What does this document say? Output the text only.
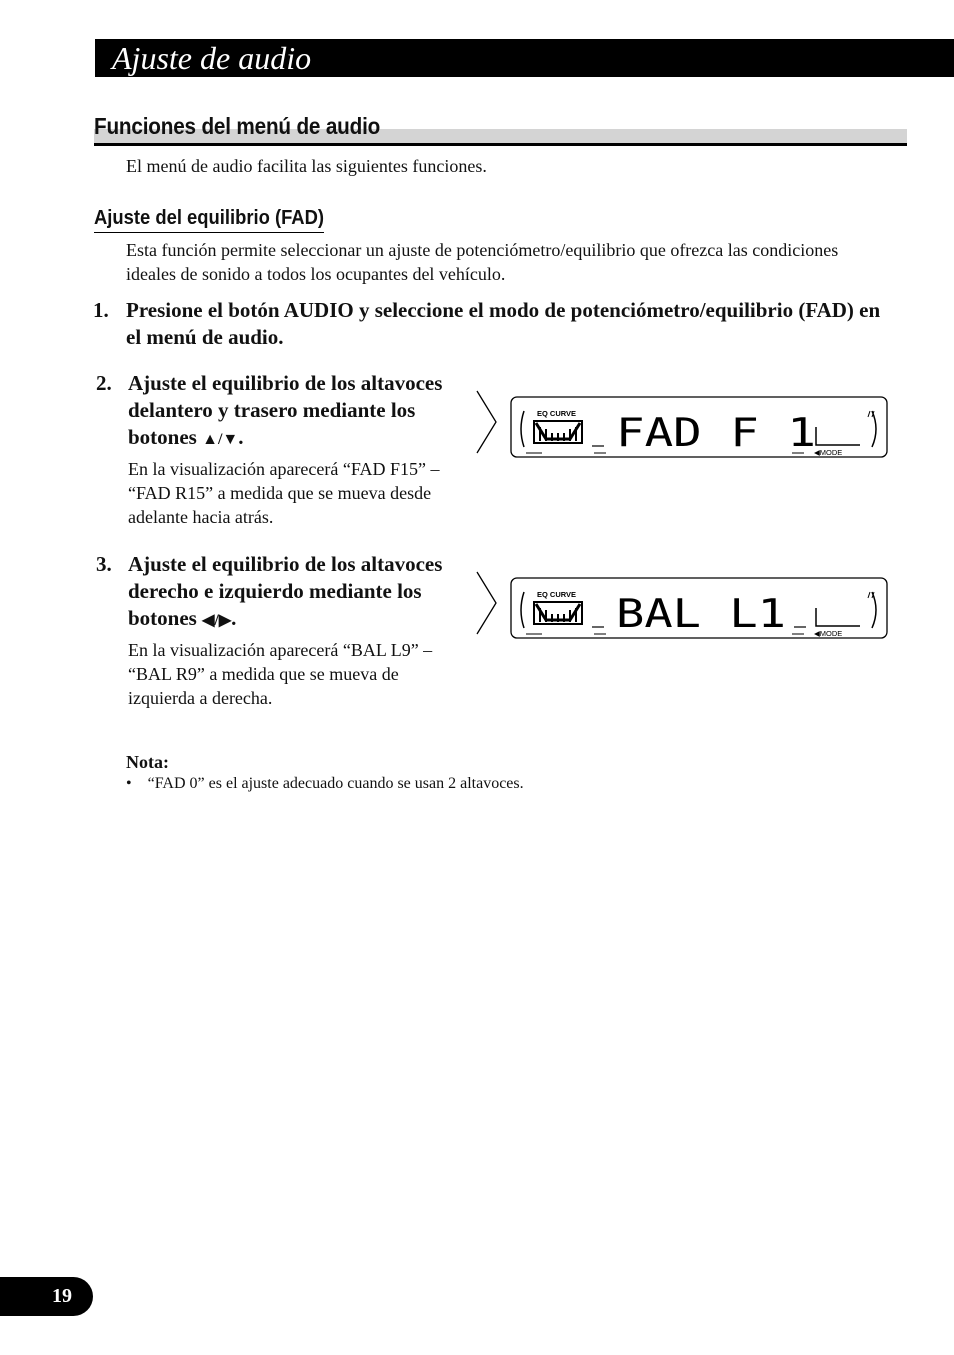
Ajuste de audio
Funciones del menú de audio
El menú de audio facilita las siguientes funciones.
Ajuste del equilibrio (FAD)
Esta función permite seleccionar un ajuste de potenciómetro/equilibrio que ofrezca las condiciones ideales de sonido a todos los ocupantes del vehículo.
1. Presione el botón AUDIO y seleccione el modo de potenciómetro/equilibrio (FAD) en el menú de audio.
2. Ajuste el equilibrio de los altavoces delantero y trasero mediante los botones ▲/▼.
En la visualización aparecerá “FAD F15” – “FAD R15” a medida que se mueva desde adelante hacia atrás.
3. Ajuste el equilibrio de los altavoces derecho e izquierdo mediante los botones ◀/▶.
En la visualización aparecerá “BAL L9” – “BAL R9” a medida que se mueva de izquierda a derecha.
EQ CURVE FAD F 1
◀MODE
EQ CURVE BAL L1	◀MODE
Nota:
• “FAD 0” es el ajuste adecuado cuando se usan 2 altavoces.
19
